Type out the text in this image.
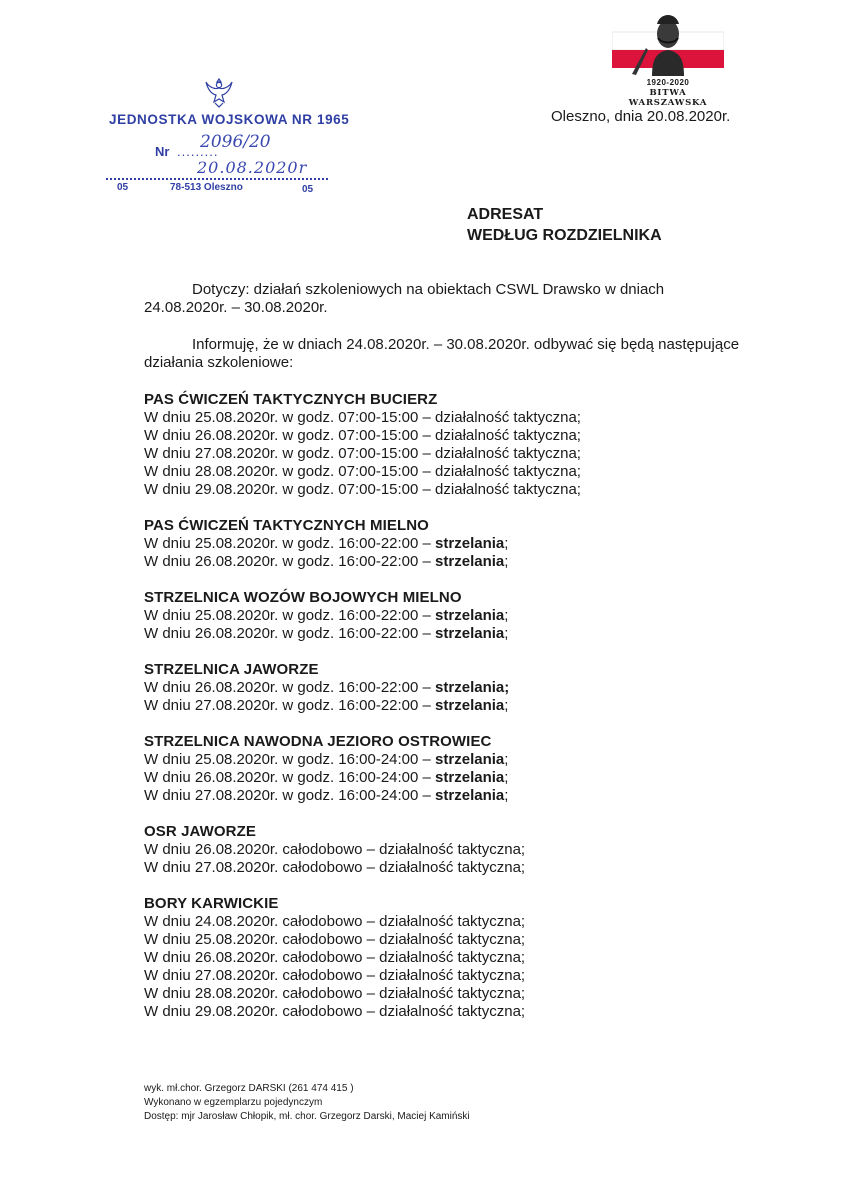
1920-2020
BITWA WARSZAWSKA
JEDNOSTKA WOJSKOWA NR 1965
Nr .........
2096/20
20.08.2020r
05	78-513 Oleszno	05
Oleszno, dnia 20.08.2020r.
ADRESAT
WEDŁUG ROZDZIELNIKA

Dotyczy: działań szkoleniowych na obiektach CSWL Drawsko w dniach
24.08.2020r. – 30.08.2020r.

Informuję, że w dniach 24.08.2020r. – 30.08.2020r. odbywać się będą następujące
działania szkoleniowe:

PAS ĆWICZEŃ TAKTYCZNYCH BUCIERZ
W dniu 25.08.2020r. w godz. 07:00-15:00 – działalność taktyczna;
W dniu 26.08.2020r. w godz. 07:00-15:00 – działalność taktyczna;
W dniu 27.08.2020r. w godz. 07:00-15:00 – działalność taktyczna;
W dniu 28.08.2020r. w godz. 07:00-15:00 – działalność taktyczna;
W dniu 29.08.2020r. w godz. 07:00-15:00 – działalność taktyczna;
PAS ĆWICZEŃ TAKTYCZNYCH MIELNO
W dniu 25.08.2020r. w godz. 16:00-22:00 – strzelania;
W dniu 26.08.2020r. w godz. 16:00-22:00 – strzelania;
STRZELNICA WOZÓW BOJOWYCH MIELNO
W dniu 25.08.2020r. w godz. 16:00-22:00 – strzelania;
W dniu 26.08.2020r. w godz. 16:00-22:00 – strzelania;
STRZELNICA JAWORZE
W dniu 26.08.2020r. w godz. 16:00-22:00 – strzelania;
W dniu 27.08.2020r. w godz. 16:00-22:00 – strzelania;
STRZELNICA NAWODNA JEZIORO OSTROWIEC
W dniu 25.08.2020r. w godz. 16:00-24:00 – strzelania;
W dniu 26.08.2020r. w godz. 16:00-24:00 – strzelania;
W dniu 27.08.2020r. w godz. 16:00-24:00 – strzelania;
OSR JAWORZE
W dniu 26.08.2020r. całodobowo – działalność taktyczna;
W dniu 27.08.2020r. całodobowo – działalność taktyczna;
BORY KARWICKIE
W dniu 24.08.2020r. całodobowo – działalność taktyczna;
W dniu 25.08.2020r. całodobowo – działalność taktyczna;
W dniu 26.08.2020r. całodobowo – działalność taktyczna;
W dniu 27.08.2020r. całodobowo – działalność taktyczna;
W dniu 28.08.2020r. całodobowo – działalność taktyczna;
W dniu 29.08.2020r. całodobowo – działalność taktyczna;
wyk. mł.chor. Grzegorz DARSKI (261 474 415 )
Wykonano w egzemplarzu pojedynczym
Dostęp: mjr Jarosław Chłopik, mł. chor. Grzegorz Darski, Maciej Kamiński
